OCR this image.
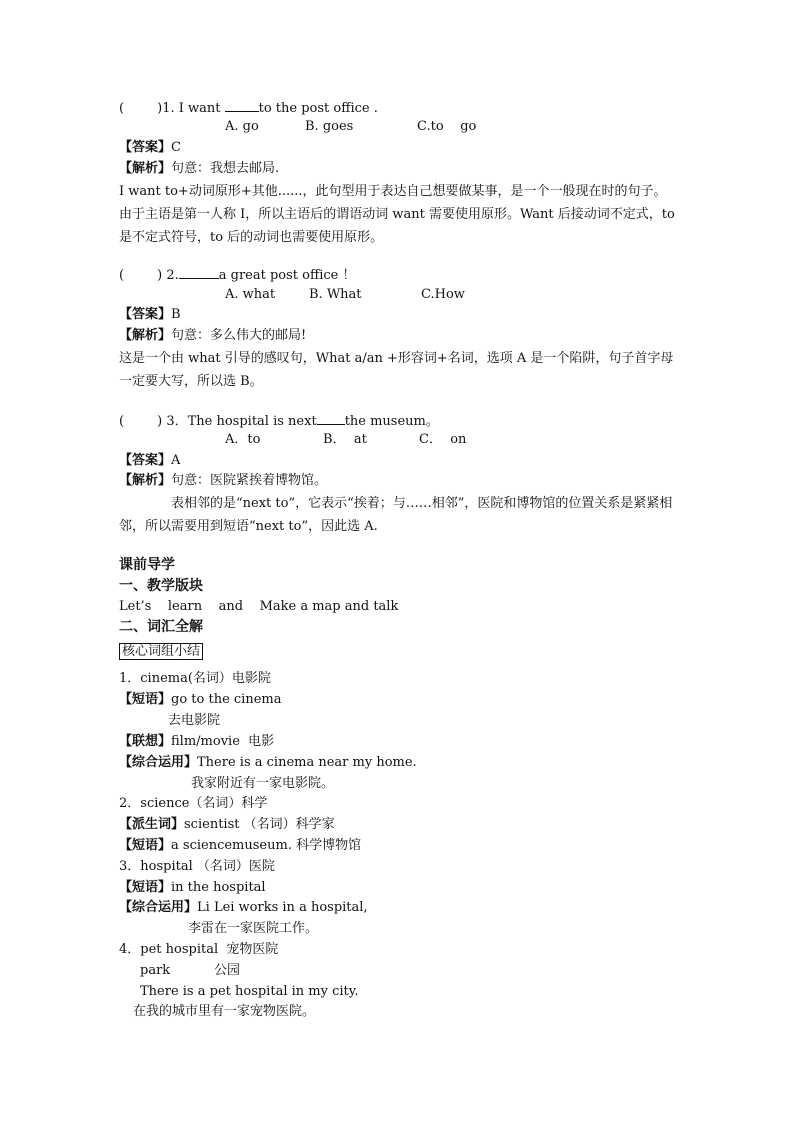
(        )1. I want	to the post office .
A. go	B. goes	C.to    go
【答案】C
【解析】句意：我想去邮局.
I want to+动词原形+其他......，此句型用于表达自己想要做某事，是一个一般现在时的句子。由于主语是第一人称 I，所以主语后的谓语动词 want 需要使用原形。Want 后接动词不定式，to 是不定式符号，to 后的动词也需要使用原形。
(        ) 2.	a great post office ！
A. what	B. What	C.How
【答案】B
【解析】句意：多么伟大的邮局!
这是一个由 what 引导的感叹句，What a/an +形容词+名词，选项 A 是一个陷阱，句子首字母一定要大写，所以选 B。
(        ) 3．The hospital is next the museum。
A．to	B．  at	C．  on
【答案】A
【解析】句意：医院紧挨着博物馆。
表相邻的是“next to”，它表示“挨着；与……相邻”，医院和博物馆的位置关系是紧紧相邻，所以需要用到短语“next to”，因此选 A.
课前导学
一、教学版块
Let’s    learn    and    Make a map and talk
二、词汇全解
核心词组小结
1．cinema(名词）电影院
【短语】go to the cinema
去电影院
【联想】film/movie  电影
【综合运用】There is a cinema near my home.
我家附近有一家电影院。
2．science（名词）科学
【派生词】scientist （名词）科学家
【短语】a sciencemuseum. 科学博物馆
3．hospital （名词）医院
【短语】in the hospital
【综合运用】Li Lei works in a hospital,
李雷在一家医院工作。
4．pet hospital  宠物医院
park	公园
There is a pet hospital in my city.
在我的城市里有一家宠物医院。
